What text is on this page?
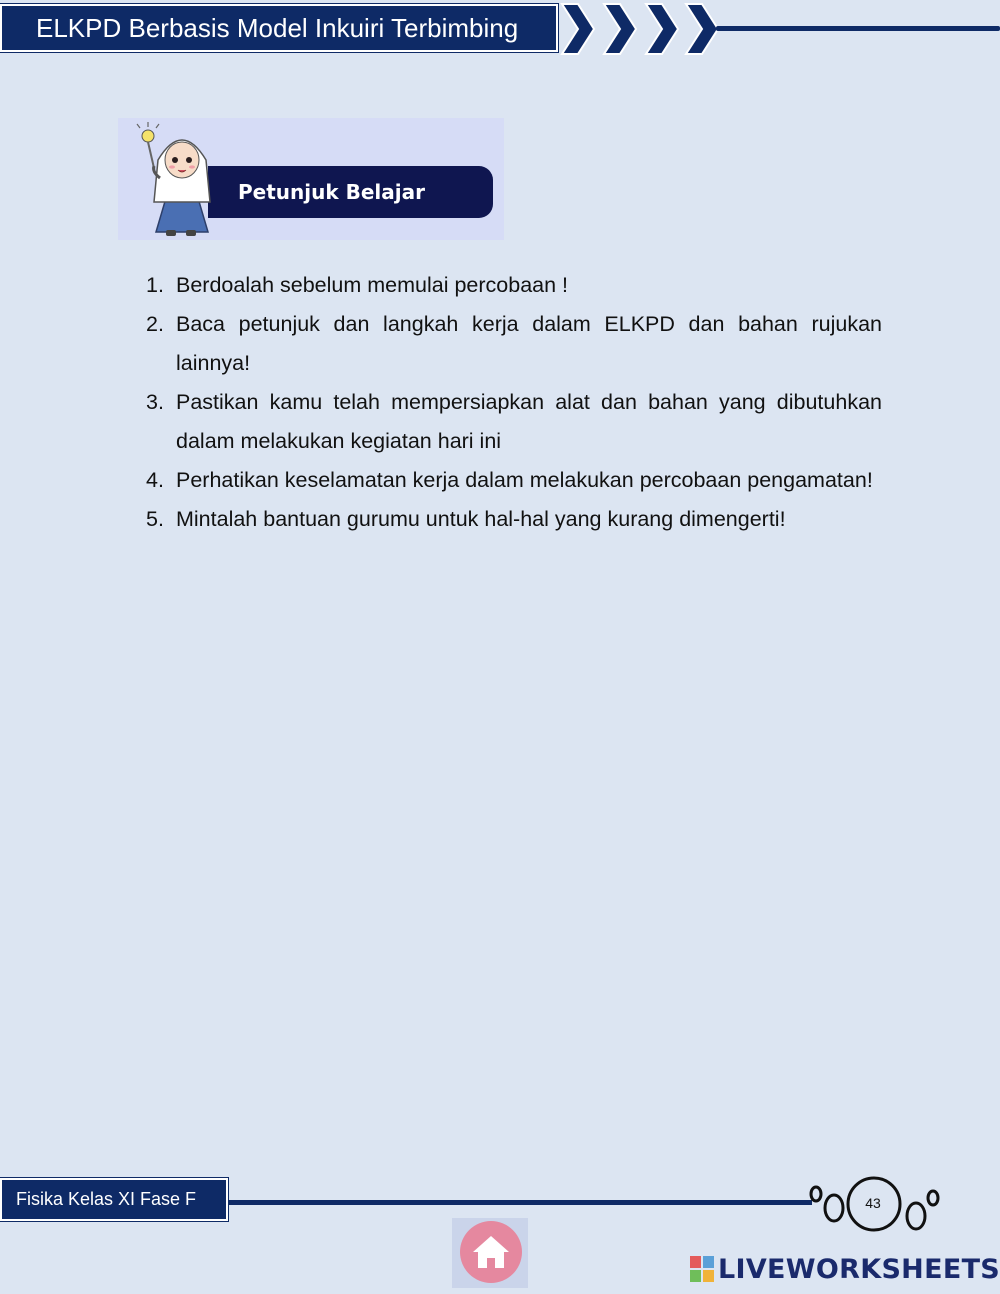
ELKPD Berbasis Model Inkuiri Terbimbing
Petunjuk Belajar
1. Berdoalah sebelum memulai percobaan !
2. Baca petunjuk dan langkah kerja dalam ELKPD dan bahan rujukan lainnya!
3. Pastikan kamu telah mempersiapkan alat dan bahan yang dibutuhkan dalam melakukan kegiatan hari ini
4. Perhatikan keselamatan kerja dalam melakukan percobaan pengamatan!
5. Mintalah bantuan gurumu untuk hal-hal yang kurang dimengerti!
Fisika Kelas XI Fase F	43
LIVEWORKSHEETS
